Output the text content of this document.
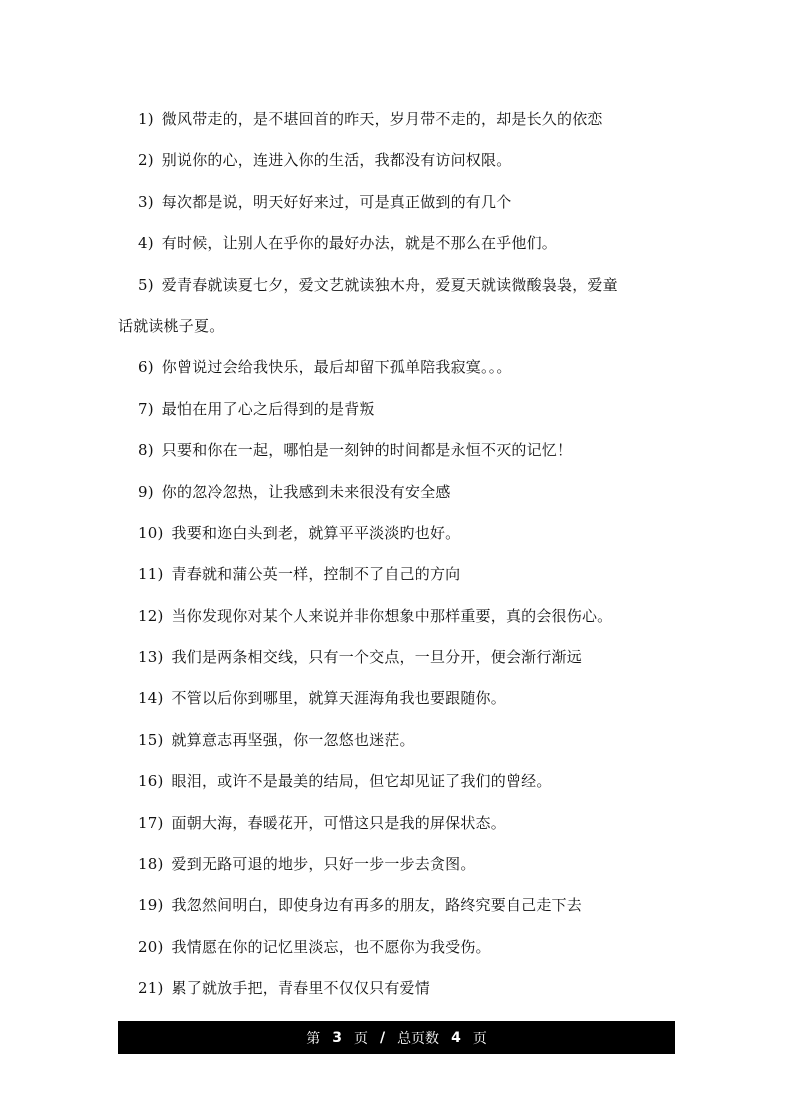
1) 微风带走的，是不堪回首的昨天，岁月带不走的，却是长久的依恋
2) 别说你的心，连进入你的生活，我都没有访问权限。
3) 每次都是说，明天好好来过，可是真正做到的有几个
4) 有时候，让别人在乎你的最好办法，就是不那么在乎他们。
5) 爱青春就读夏七夕，爱文艺就读独木舟，爱夏天就读微酸袅袅，爱童
话就读桃子夏。
6) 你曾说过会给我快乐，最后却留下孤单陪我寂寞。。。
7) 最怕在用了心之后得到的是背叛
8) 只要和你在一起，哪怕是一刻钟的时间都是永恒不灭的记忆！
9) 你的忽冷忽热，让我感到未来很没有安全感
10) 我要和迩白头到老，就算平平淡淡旳也好。
11) 青春就和蒲公英一样，控制不了自己的方向
12) 当你发现你对某个人来说并非你想象中那样重要，真的会很伤心。
13) 我们是两条相交线，只有一个交点，一旦分开，便会渐行渐远
14) 不管以后你到哪里，就算天涯海角我也要跟随你。
15) 就算意志再坚强，你一忽悠也迷茫。
16) 眼泪，或许不是最美的结局，但它却见证了我们的曾经。
17) 面朝大海，春暖花开，可惜这只是我的屏保状态。
18) 爱到无路可退的地步，只好一步一步去贪图。
19) 我忽然间明白，即使身边有再多的朋友，路终究要自己走下去
20) 我情愿在你的记忆里淡忘，也不愿你为我受伤。
21) 累了就放手把，青春里不仅仅只有爱情
第 3 页 / 总页数 4 页
